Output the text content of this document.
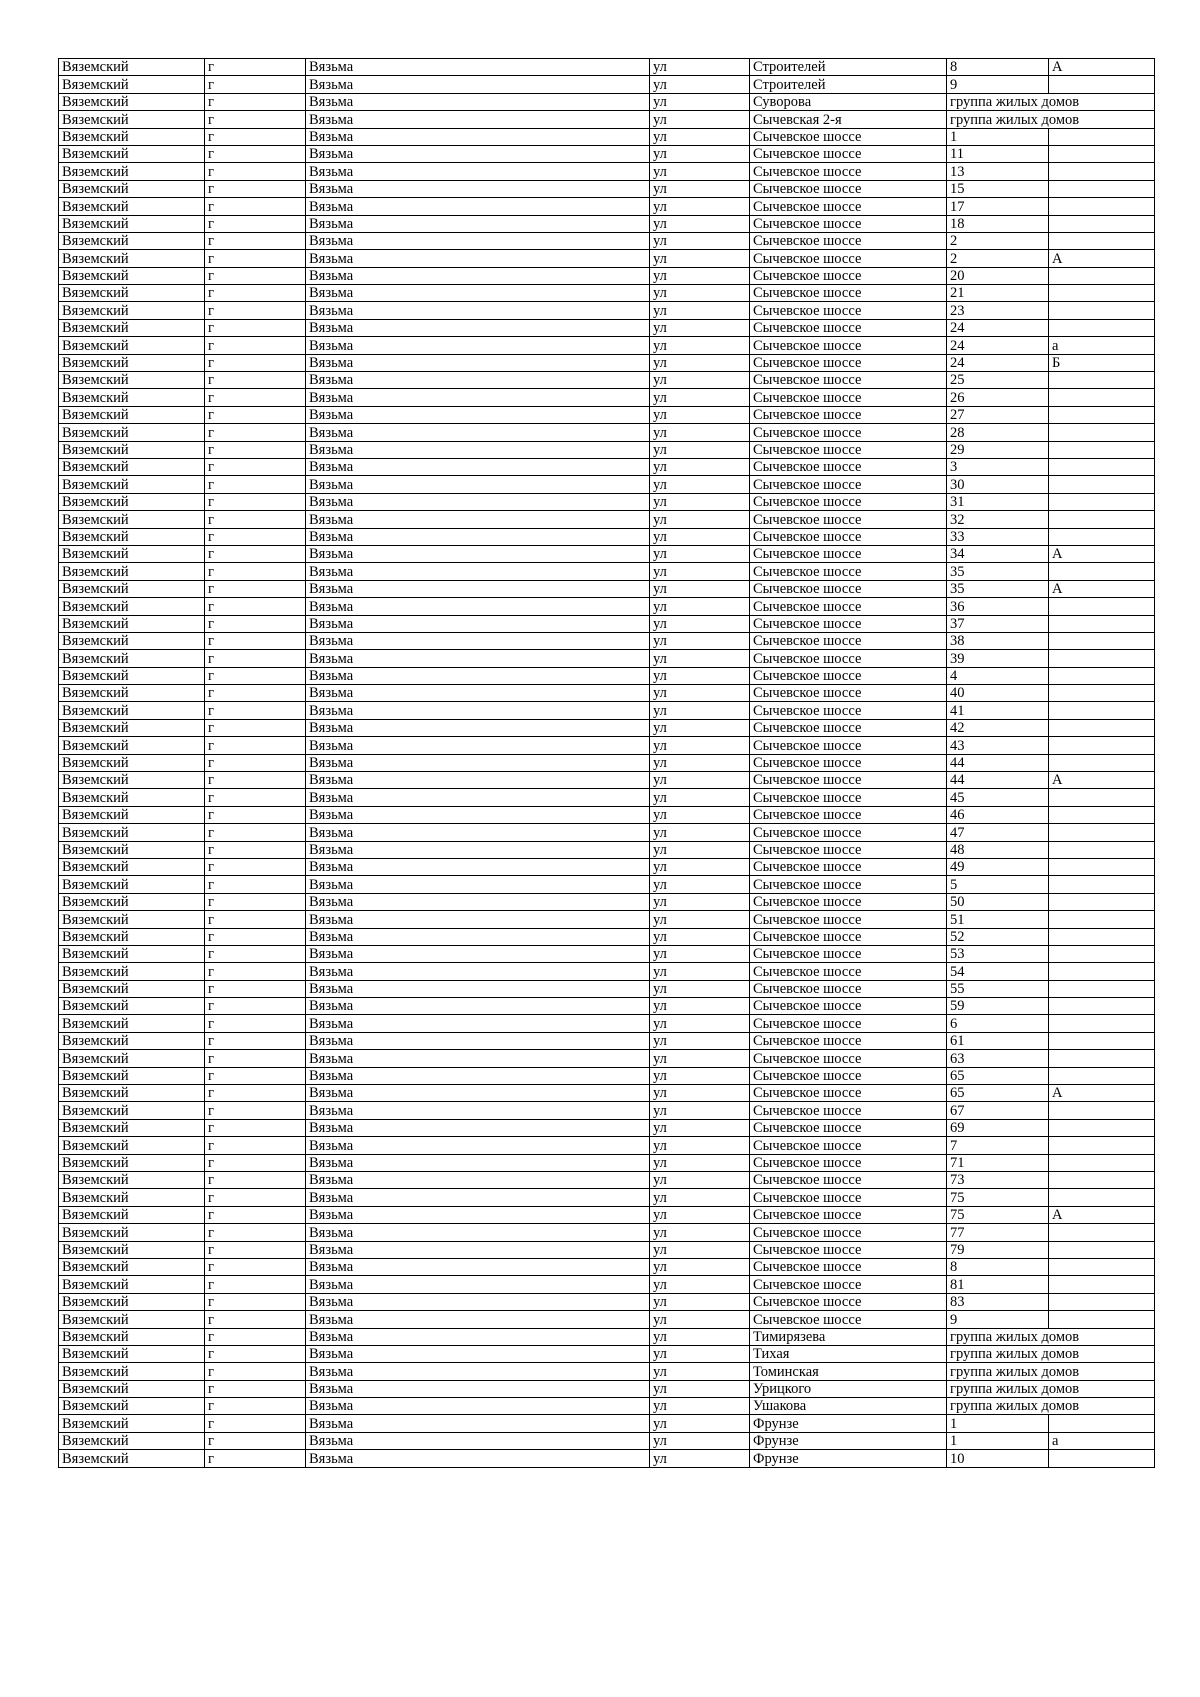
Вяземский	г	Вязьма	ул	Строителей	8	А
Вяземский	г	Вязьма	ул	Строителей	9	
Вяземский	г	Вязьма	ул	Суворова	группа жилых домов	
Вяземский	г	Вязьма	ул	Сычевская 2-я	группа жилых домов	
Вяземский	г	Вязьма	ул	Сычевское шоссе	1	
Вяземский	г	Вязьма	ул	Сычевское шоссе	11	
Вяземский	г	Вязьма	ул	Сычевское шоссе	13	
Вяземский	г	Вязьма	ул	Сычевское шоссе	15	
Вяземский	г	Вязьма	ул	Сычевское шоссе	17	
Вяземский	г	Вязьма	ул	Сычевское шоссе	18	
Вяземский	г	Вязьма	ул	Сычевское шоссе	2	
Вяземский	г	Вязьма	ул	Сычевское шоссе	2	А
Вяземский	г	Вязьма	ул	Сычевское шоссе	20	
Вяземский	г	Вязьма	ул	Сычевское шоссе	21	
Вяземский	г	Вязьма	ул	Сычевское шоссе	23	
Вяземский	г	Вязьма	ул	Сычевское шоссе	24	
Вяземский	г	Вязьма	ул	Сычевское шоссе	24	а
Вяземский	г	Вязьма	ул	Сычевское шоссе	24	Б
Вяземский	г	Вязьма	ул	Сычевское шоссе	25	
Вяземский	г	Вязьма	ул	Сычевское шоссе	26	
Вяземский	г	Вязьма	ул	Сычевское шоссе	27	
Вяземский	г	Вязьма	ул	Сычевское шоссе	28	
Вяземский	г	Вязьма	ул	Сычевское шоссе	29	
Вяземский	г	Вязьма	ул	Сычевское шоссе	3	
Вяземский	г	Вязьма	ул	Сычевское шоссе	30	
Вяземский	г	Вязьма	ул	Сычевское шоссе	31	
Вяземский	г	Вязьма	ул	Сычевское шоссе	32	
Вяземский	г	Вязьма	ул	Сычевское шоссе	33	
Вяземский	г	Вязьма	ул	Сычевское шоссе	34	А
Вяземский	г	Вязьма	ул	Сычевское шоссе	35	
Вяземский	г	Вязьма	ул	Сычевское шоссе	35	А
Вяземский	г	Вязьма	ул	Сычевское шоссе	36	
Вяземский	г	Вязьма	ул	Сычевское шоссе	37	
Вяземский	г	Вязьма	ул	Сычевское шоссе	38	
Вяземский	г	Вязьма	ул	Сычевское шоссе	39	
Вяземский	г	Вязьма	ул	Сычевское шоссе	4	
Вяземский	г	Вязьма	ул	Сычевское шоссе	40	
Вяземский	г	Вязьма	ул	Сычевское шоссе	41	
Вяземский	г	Вязьма	ул	Сычевское шоссе	42	
Вяземский	г	Вязьма	ул	Сычевское шоссе	43	
Вяземский	г	Вязьма	ул	Сычевское шоссе	44	
Вяземский	г	Вязьма	ул	Сычевское шоссе	44	А
Вяземский	г	Вязьма	ул	Сычевское шоссе	45	
Вяземский	г	Вязьма	ул	Сычевское шоссе	46	
Вяземский	г	Вязьма	ул	Сычевское шоссе	47	
Вяземский	г	Вязьма	ул	Сычевское шоссе	48	
Вяземский	г	Вязьма	ул	Сычевское шоссе	49	
Вяземский	г	Вязьма	ул	Сычевское шоссе	5	
Вяземский	г	Вязьма	ул	Сычевское шоссе	50	
Вяземский	г	Вязьма	ул	Сычевское шоссе	51	
Вяземский	г	Вязьма	ул	Сычевское шоссе	52	
Вяземский	г	Вязьма	ул	Сычевское шоссе	53	
Вяземский	г	Вязьма	ул	Сычевское шоссе	54	
Вяземский	г	Вязьма	ул	Сычевское шоссе	55	
Вяземский	г	Вязьма	ул	Сычевское шоссе	59	
Вяземский	г	Вязьма	ул	Сычевское шоссе	6	
Вяземский	г	Вязьма	ул	Сычевское шоссе	61	
Вяземский	г	Вязьма	ул	Сычевское шоссе	63	
Вяземский	г	Вязьма	ул	Сычевское шоссе	65	
Вяземский	г	Вязьма	ул	Сычевское шоссе	65	А
Вяземский	г	Вязьма	ул	Сычевское шоссе	67	
Вяземский	г	Вязьма	ул	Сычевское шоссе	69	
Вяземский	г	Вязьма	ул	Сычевское шоссе	7	
Вяземский	г	Вязьма	ул	Сычевское шоссе	71	
Вяземский	г	Вязьма	ул	Сычевское шоссе	73	
Вяземский	г	Вязьма	ул	Сычевское шоссе	75	
Вяземский	г	Вязьма	ул	Сычевское шоссе	75	А
Вяземский	г	Вязьма	ул	Сычевское шоссе	77	
Вяземский	г	Вязьма	ул	Сычевское шоссе	79	
Вяземский	г	Вязьма	ул	Сычевское шоссе	8	
Вяземский	г	Вязьма	ул	Сычевское шоссе	81	
Вяземский	г	Вязьма	ул	Сычевское шоссе	83	
Вяземский	г	Вязьма	ул	Сычевское шоссе	9	
Вяземский	г	Вязьма	ул	Тимирязева	группа жилых домов	
Вяземский	г	Вязьма	ул	Тихая	группа жилых домов	
Вяземский	г	Вязьма	ул	Томинская	группа жилых домов	
Вяземский	г	Вязьма	ул	Урицкого	группа жилых домов	
Вяземский	г	Вязьма	ул	Ушакова	группа жилых домов	
Вяземский	г	Вязьма	ул	Фрунзе	1	
Вяземский	г	Вязьма	ул	Фрунзе	1	а
Вяземский	г	Вязьма	ул	Фрунзе	10	
